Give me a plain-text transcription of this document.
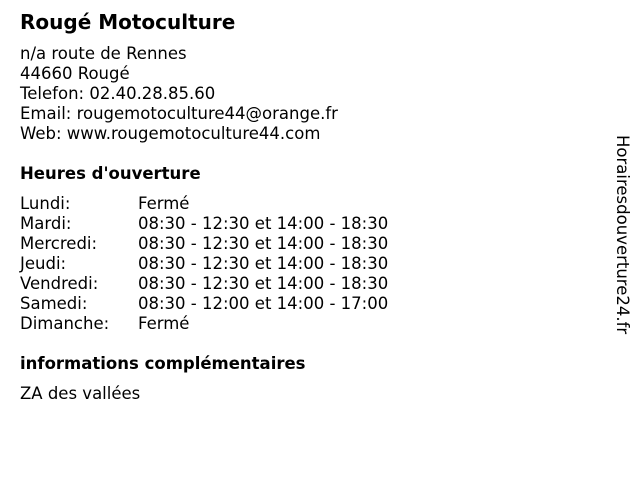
Rougé Motoculture
n/a route de Rennes
44660 Rougé
Telefon: 02.40.28.85.60
Email: rougemotoculture44@orange.fr
Web: www.rougemotoculture44.com
Heures d'ouverture
Lundi:	Fermé
Mardi:	08:30 - 12:30 et 14:00 - 18:30
Mercredi:	08:30 - 12:30 et 14:00 - 18:30
Jeudi:	08:30 - 12:30 et 14:00 - 18:30
Vendredi:	08:30 - 12:30 et 14:00 - 18:30
Samedi:	08:30 - 12:00 et 14:00 - 17:00
Dimanche:	Fermé
informations complémentaires
ZA des vallées
Horairesdouverture24.fr
